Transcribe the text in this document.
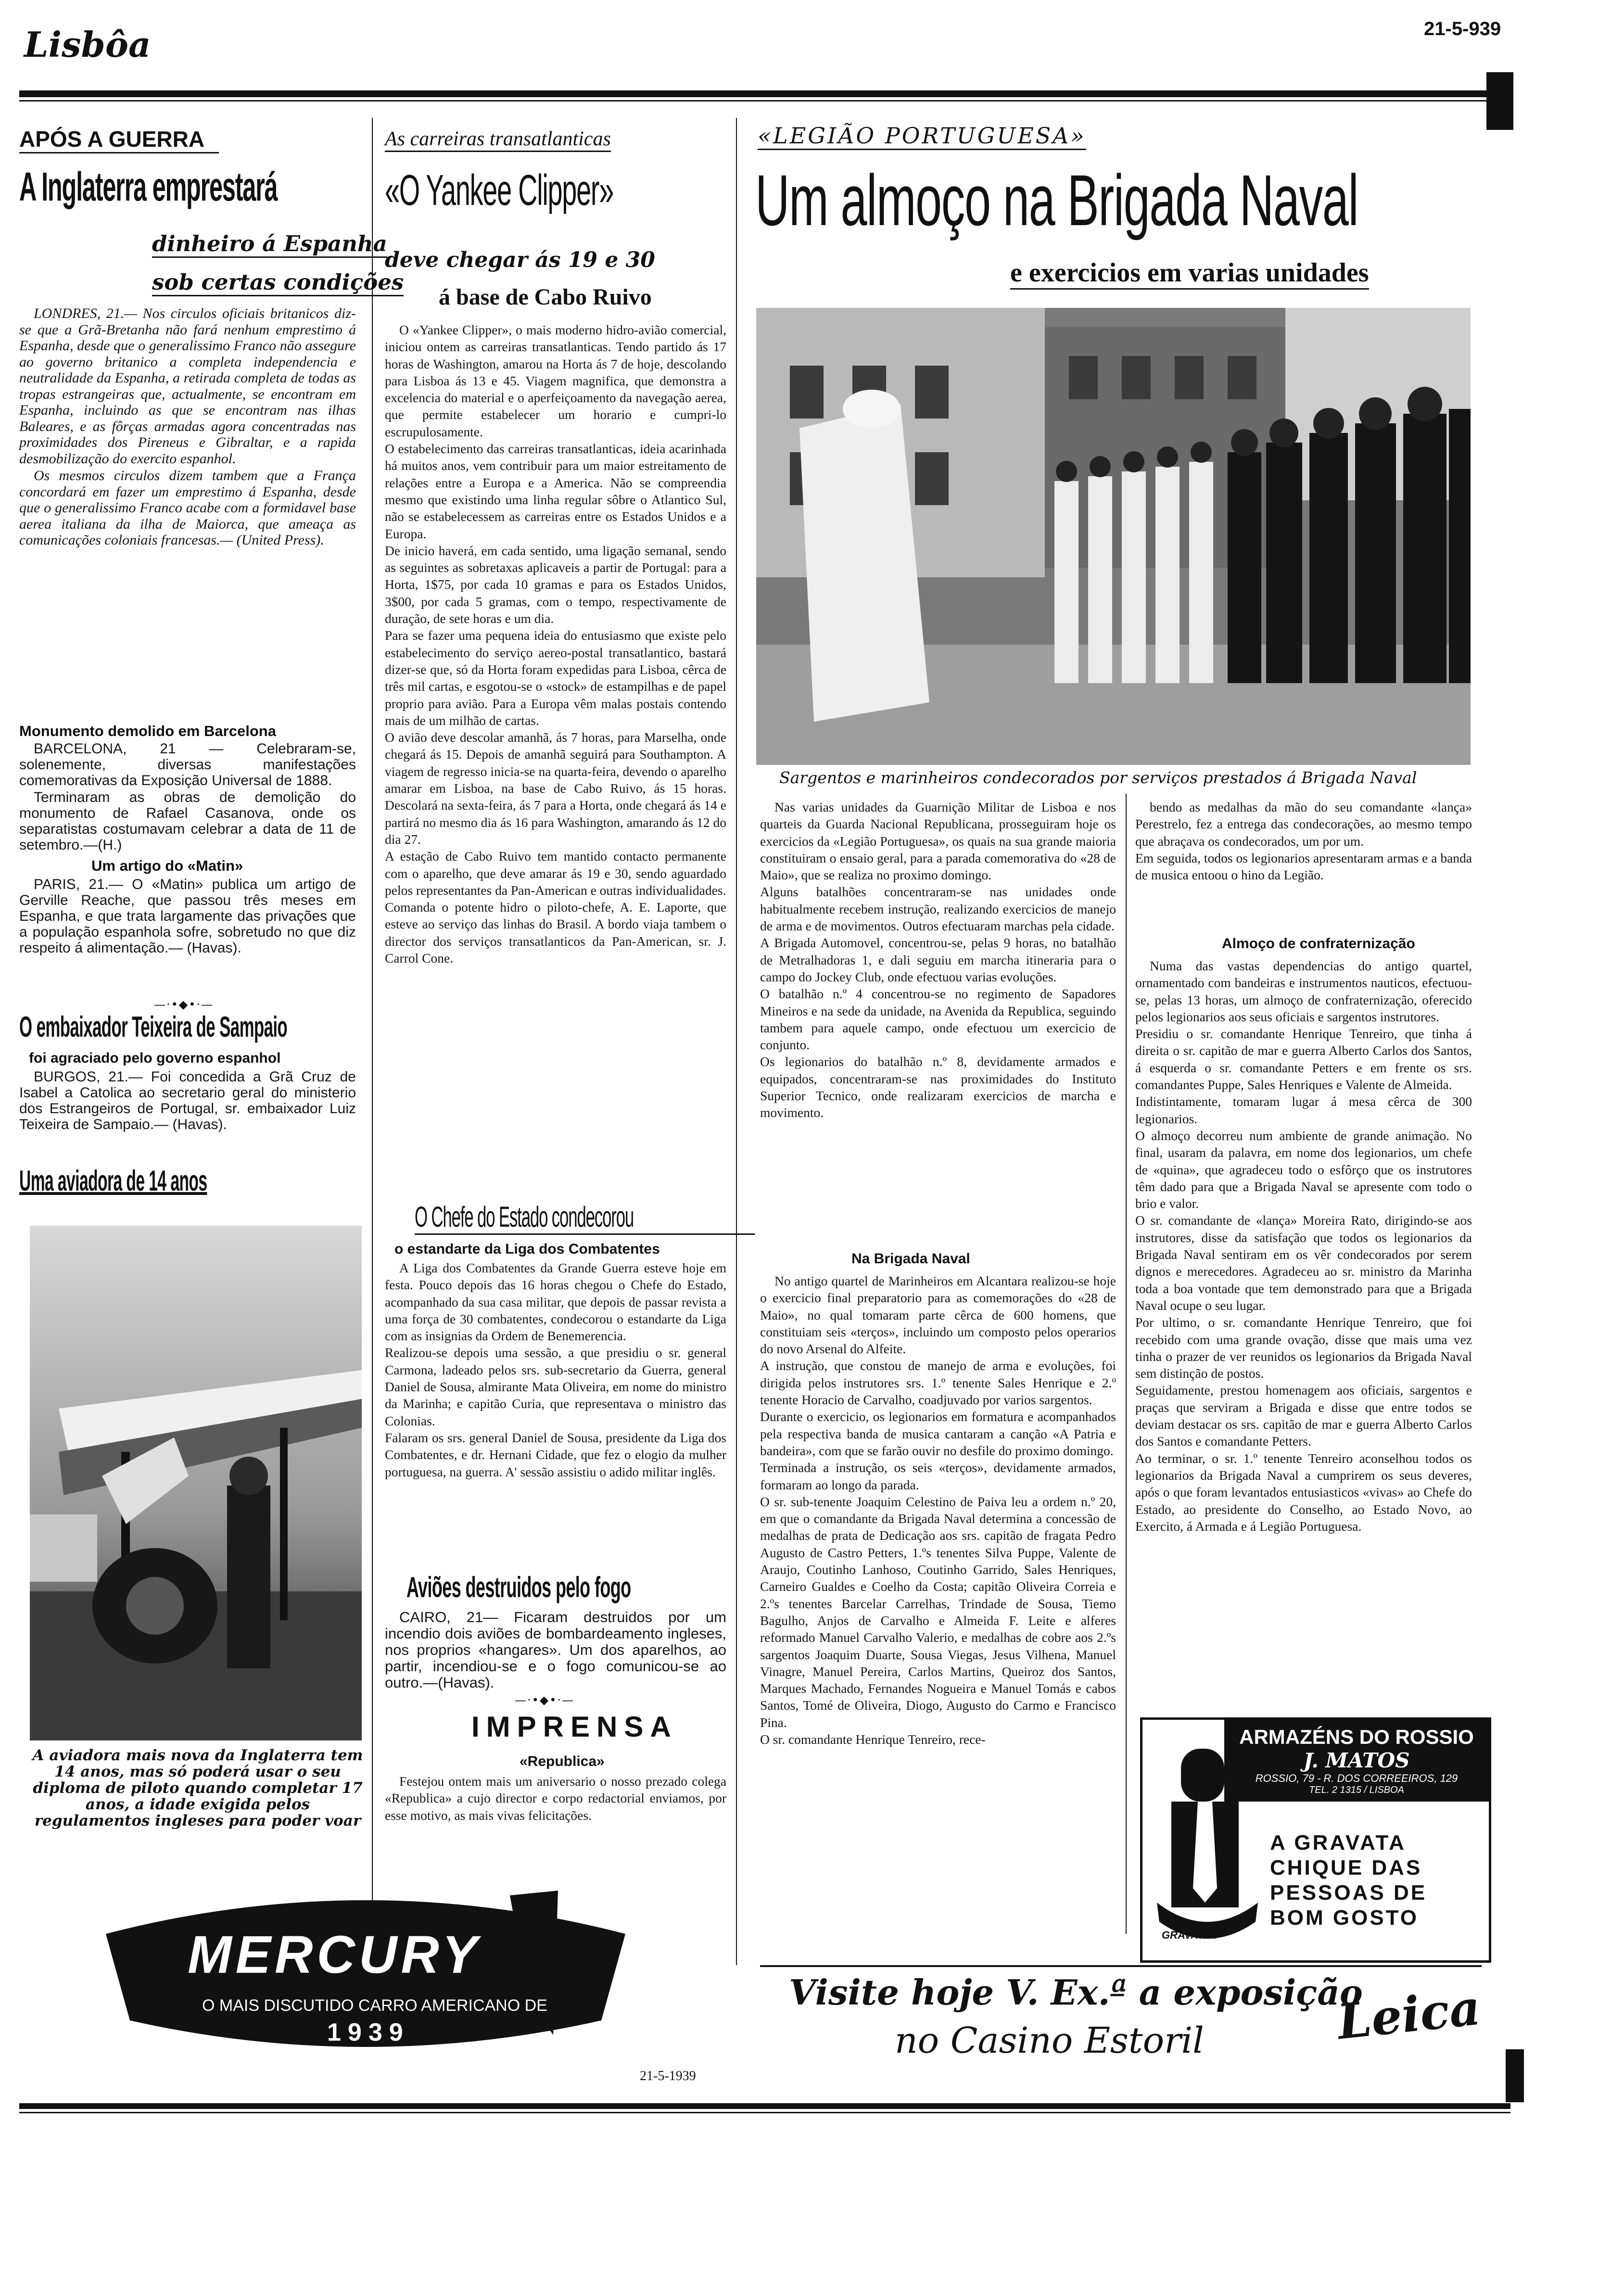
Lisbôa	21-5-939
APÓS A GUERRA
A Inglaterra emprestará
dinheiro á Espanha
sob certas condições

LONDRES, 21.— Nos circulos oficiais britanicos diz-se que a Grã-Bretanha não fará nenhum emprestimo á Espanha, desde que o generalissimo Franco não assegure ao governo britanico a completa independencia e neutralidade da Espanha, a retirada completa de todas as tropas estrangeiras que, actualmente, se encontram em Espanha, incluindo as que se encontram nas ilhas Baleares, e as fôrças armadas agora concentradas nas proximidades dos Pireneus e Gibraltar, e a rapida desmobilização do exercito espanhol.

Os mesmos circulos dizem tambem que a França concordará em fazer um emprestimo á Espanha, desde que o generalissimo Franco acabe com a formidavel base aerea italiana da ilha de Maiorca, que ameaça as comunicações coloniais francesas.— (United Press).

Monumento demolido em Barcelona

BARCELONA, 21 — Celebraram-se, solenemente, diversas manifestações comemorativas da Exposição Universal de 1888.

Terminaram as obras de demolição do monumento de Rafael Casanova, onde os separatistas costumavam celebrar a data de 11 de setembro.—(H.)

Um artigo do «Matin»

PARIS, 21.— O «Matin» publica um artigo de Gerville Reache, que passou três meses em Espanha, e que trata largamente das privações que a população espanhola sofre, sobretudo no que diz respeito á alimentação.— (Havas).

—·•◆•·—
O embaixador Teixeira de Sampaio
foi agraciado pelo governo espanhol

BURGOS, 21.— Foi concedida a Grã Cruz de Isabel a Catolica ao secretario geral do ministerio dos Estrangeiros de Portugal, sr. embaixador Luiz Teixeira de Sampaio.— (Havas).

Uma aviadora de 14 anos
A aviadora mais nova da Inglaterra tem 14 anos, mas só poderá usar o seu diploma de piloto quando completar 17 anos, a idade exigida pelos regulamentos ingleses para poder voar
As carreiras transatlanticas
«O Yankee Clipper»
deve chegar ás 19 e 30
á base de Cabo Ruivo

O «Yankee Clipper», o mais moderno hidro-avião comercial, iniciou ontem as carreiras transatlanticas. Tendo partido ás 17 horas de Washington, amarou na Horta ás 7 de hoje, descolando para Lisboa ás 13 e 45. Viagem magnifica, que demonstra a excelencia do material e o aperfeiçoamento da navegação aerea, que permite estabelecer um horario e cumpri-lo escrupulosamente.
O estabelecimento das carreiras transatlanticas, ideia acarinhada há muitos anos, vem contribuir para um maior estreitamento de relações entre a Europa e a America. Não se compreendia mesmo que existindo uma linha regular sôbre o Atlantico Sul, não se estabelecessem as carreiras entre os Estados Unidos e a Europa.
De inicio haverá, em cada sentido, uma ligação semanal, sendo as seguintes as sobretaxas aplicaveis a partir de Portugal: para a Horta, 1$75, por cada 10 gramas e para os Estados Unidos, 3$00, por cada 5 gramas, com o tempo, respectivamente de duração, de sete horas e um dia.
Para se fazer uma pequena ideia do entusiasmo que existe pelo estabelecimento do serviço aereo-postal transatlantico, bastará dizer-se que, só da Horta foram expedidas para Lisboa, cêrca de três mil cartas, e esgotou-se o «stock» de estampilhas e de papel proprio para avião. Para a Europa vêm malas postais contendo mais de um milhão de cartas.
O avião deve descolar amanhã, ás 7 horas, para Marselha, onde chegará ás 15. Depois de amanhã seguirá para Southampton. A viagem de regresso inicia-se na quarta-feira, devendo o aparelho amarar em Lisboa, na base de Cabo Ruivo, ás 15 horas. Descolará na sexta-feira, ás 7 para a Horta, onde chegará ás 14 e partirá no mesmo dia ás 16 para Washington, amarando ás 12 do dia 27.
A estação de Cabo Ruivo tem mantido contacto permanente com o aparelho, que deve amarar ás 19 e 30, sendo aguardado pelos representantes da Pan-American e outras individualidades.
Comanda o potente hidro o piloto-chefe, A. E. Laporte, que esteve ao serviço das linhas do Brasil. A bordo viaja tambem o director dos serviços transatlanticos da Pan-American, sr. J. Carrol Cone.

O Chefe do Estado condecorou
o estandarte da Liga dos Combatentes

A Liga dos Combatentes da Grande Guerra esteve hoje em festa. Pouco depois das 16 horas chegou o Chefe do Estado, acompanhado da sua casa militar, que depois de passar revista a uma força de 30 combatentes, condecorou o estandarte da Liga com as insignias da Ordem de Benemerencia.
Realizou-se depois uma sessão, a que presidiu o sr. general Carmona, ladeado pelos srs. sub-secretario da Guerra, general Daniel de Sousa, almirante Mata Oliveira, em nome do ministro da Marinha; e capitão Curia, que representava o ministro das Colonias.
Falaram os srs. general Daniel de Sousa, presidente da Liga dos Combatentes, e dr. Hernani Cidade, que fez o elogio da mulher portuguesa, na guerra. A' sessão assistiu o adido militar inglês.

Aviões destruidos pelo fogo

CAIRO, 21— Ficaram destruidos por um incendio dois aviões de bombardeamento ingleses, nos proprios «hangares». Um dos aparelhos, ao partir, incendiou-se e o fogo comunicou-se ao outro.—(Havas).

—·•◆•·—
IMPRENSA
«Republica»

Festejou ontem mais um aniversario o nosso prezado colega «Republica» a cujo director e corpo redactorial enviamos, por esse motivo, as mais vivas felicitações.

«LEGIÃO PORTUGUESA»
Um almoço na Brigada Naval
e exercicios em varias unidades
Sargentos e marinheiros condecorados por serviços prestados á Brigada Naval

Nas varias unidades da Guarnição Militar de Lisboa e nos quarteis da Guarda Nacional Republicana, prosseguiram hoje os exercicios da «Legião Portuguesa», os quais na sua grande maioria constituiram o ensaio geral, para a parada comemorativa do «28 de Maio», que se realiza no proximo domingo.
Alguns batalhões concentraram-se nas unidades onde habitualmente recebem instrução, realizando exercicios de manejo de arma e de movimentos. Outros efectuaram marchas pela cidade.
A Brigada Automovel, concentrou-se, pelas 9 horas, no batalhão de Metralhadoras 1, e dali seguiu em marcha itineraria para o campo do Jockey Club, onde efectuou varias evoluções.
O batalhão n.º 4 concentrou-se no regimento de Sapadores Mineiros e na sede da unidade, na Avenida da Republica, seguindo tambem para aquele campo, onde efectuou um exercicio de conjunto.
Os legionarios do batalhão n.º 8, devidamente armados e equipados, concentraram-se nas proximidades do Instituto Superior Tecnico, onde realizaram exercicios de marcha e movimento.

Na Brigada Naval

No antigo quartel de Marinheiros em Alcantara realizou-se hoje o exercicio final preparatorio para as comemorações do «28 de Maio», no qual tomaram parte cêrca de 600 homens, que constituiam seis «terços», incluindo um composto pelos operarios do novo Arsenal do Alfeite.
A instrução, que constou de manejo de arma e evoluções, foi dirigida pelos instrutores srs. 1.º tenente Sales Henrique e 2.º tenente Horacio de Carvalho, coadjuvado por varios sargentos.
Durante o exercicio, os legionarios em formatura e acompanhados pela respectiva banda de musica cantaram a canção «A Patria e bandeira», com que se farão ouvir no desfile do proximo domingo.
Terminada a instrução, os seis «terços», devidamente armados, formaram ao longo da parada.
O sr. sub-tenente Joaquim Celestino de Paiva leu a ordem n.º 20, em que o comandante da Brigada Naval determina a concessão de medalhas de prata de Dedicação aos srs. capitão de fragata Pedro Augusto de Castro Petters, 1.ºs tenentes Silva Puppe, Valente de Araujo, Coutinho Lanhoso, Coutinho Garrido, Sales Henriques, Carneiro Gualdes e Coelho da Costa; capitão Oliveira Correia e 2.ºs tenentes Barcelar Carrelhas, Trindade de Sousa, Tiemo Bagulho, Anjos de Carvalho e Almeida F. Leite e alferes reformado Manuel Carvalho Valerio, e medalhas de cobre aos 2.ºs sargentos Joaquim Duarte, Sousa Viegas, Jesus Vilhena, Manuel Vinagre, Manuel Pereira, Carlos Martins, Queiroz dos Santos, Marques Machado, Fernandes Nogueira e Manuel Tomás e cabos Santos, Tomé de Oliveira, Diogo, Augusto do Carmo e Francisco Pina.
O sr. comandante Henrique Tenreiro, rece-

bendo as medalhas da mão do seu comandante «lança» Perestrelo, fez a entrega das condecorações, ao mesmo tempo que abraçava os condecorados, um por um.
Em seguida, todos os legionarios apresentaram armas e a banda de musica entoou o hino da Legião.

Almoço de confraternização

Numa das vastas dependencias do antigo quartel, ornamentado com bandeiras e instrumentos nauticos, efectuou-se, pelas 13 horas, um almoço de confraternização, oferecido pelos legionarios aos seus oficiais e sargentos instrutores.
Presidiu o sr. comandante Henrique Tenreiro, que tinha á direita o sr. capitão de mar e guerra Alberto Carlos dos Santos, á esquerda o sr. comandante Petters e em frente os srs. comandantes Puppe, Sales Henriques e Valente de Almeida.
Indistintamente, tomaram lugar á mesa cêrca de 300 legionarios.
O almoço decorreu num ambiente de grande animação. No final, usaram da palavra, em nome dos legionarios, um chefe de «quina», que agradeceu todo o esfôrço que os instrutores têm dado para que a Brigada Naval se apresente com todo o brio e valor.
O sr. comandante de «lança» Moreira Rato, dirigindo-se aos instrutores, disse da satisfação que todos os legionarios da Brigada Naval sentiram em os vêr condecorados por serem dignos e merecedores. Agradeceu ao sr. ministro da Marinha toda a boa vontade que tem demonstrado para que a Brigada Naval ocupe o seu lugar.
Por ultimo, o sr. comandante Henrique Tenreiro, que foi recebido com uma grande ovação, disse que mais uma vez tinha o prazer de ver reunidos os legionarios da Brigada Naval sem distinção de postos.
Seguidamente, prestou homenagem aos oficiais, sargentos e praças que serviram a Brigada e disse que entre todos se deviam destacar os srs. capitão de mar e guerra Alberto Carlos dos Santos e comandante Petters.
Ao terminar, o sr. 1.º tenente Tenreiro aconselhou todos os legionarios da Brigada Naval a cumprirem os seus deveres, após o que foram levantados entusiasticos «vivas» ao Chefe do Estado, ao presidente do Conselho, ao Estado Novo, ao Exercito, á Armada e á Legião Portuguesa.

ARMAZÉNS DO ROSSIO
J. MATOS
ROSSIO, 79 - R. DOS CORREEIROS, 129
TEL. 2 1315 / LISBOA
GRAVATAS
A GRAVATA
CHIQUE DAS
PESSOAS DE
BOM GOSTO
Visite hoje V. Ex.ª a exposição
no Casino Estoril	Leica
MERCURY
O MAIS DISCUTIDO CARRO AMERICANO DE
1939
21-5-1939
